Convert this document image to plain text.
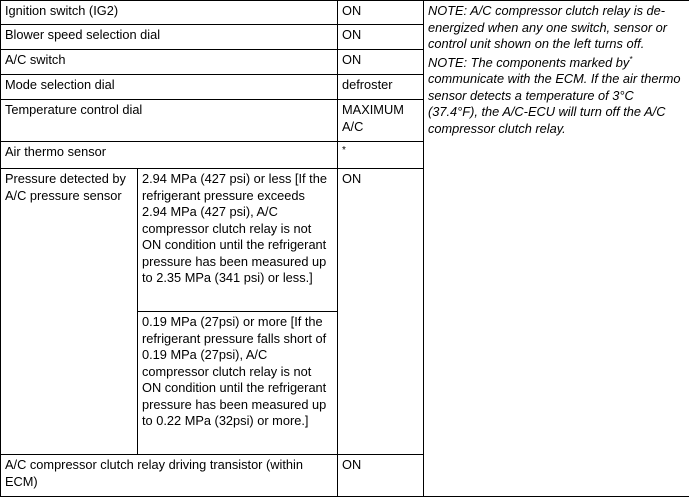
Ignition switch (IG2)		ON	NOTE: A/C compressor clutch relay is de-energized when any one switch, sensor or control unit shown on the left turns off.

NOTE: The components marked by* communicate with the ECM. If the air thermo sensor detects a temperature of 3°C (37.4°F), the A/C-ECU will turn off the A/C compressor clutch relay.

Blower speed selection dial		ON	
A/C switch		ON	
Mode selection dial		defroster	
Temperature control dial		MAXIMUM A/C	
Air thermo sensor		*
Pressure detected by A/C pressure sensor	2.94 MPa (427 psi) or less [If the refrigerant pressure exceeds 2.94 MPa (427 psi), A/C compressor clutch relay is not ON condition until the refrigerant pressure has been measured up to 2.35 MPa (341 psi) or less.]	ON	
	0.19 MPa (27psi) or more [If the refrigerant pressure falls short of 0.19 MPa (27psi), A/C compressor clutch relay is not ON condition until the refrigerant pressure has been measured up to 0.22 MPa (32psi) or more.]		
A/C compressor clutch relay driving transistor (within ECM)		ON	
